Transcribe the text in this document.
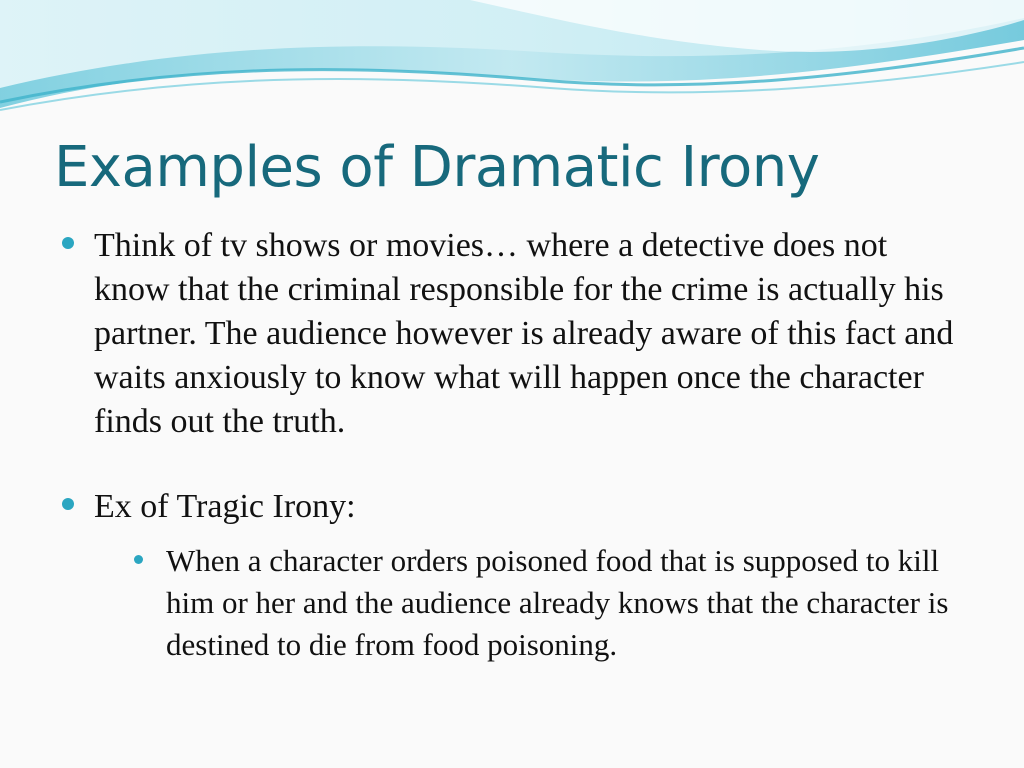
Examples of Dramatic Irony
Think of tv shows or movies… where a detective does not know that the criminal responsible for the crime is actually his partner. The audience however is already aware of this fact and waits anxiously to know what will happen once the character finds out the truth.
Ex of Tragic Irony:
When a character orders poisoned food that is supposed to kill him or her and the audience already knows that the character is destined to die from food poisoning.
